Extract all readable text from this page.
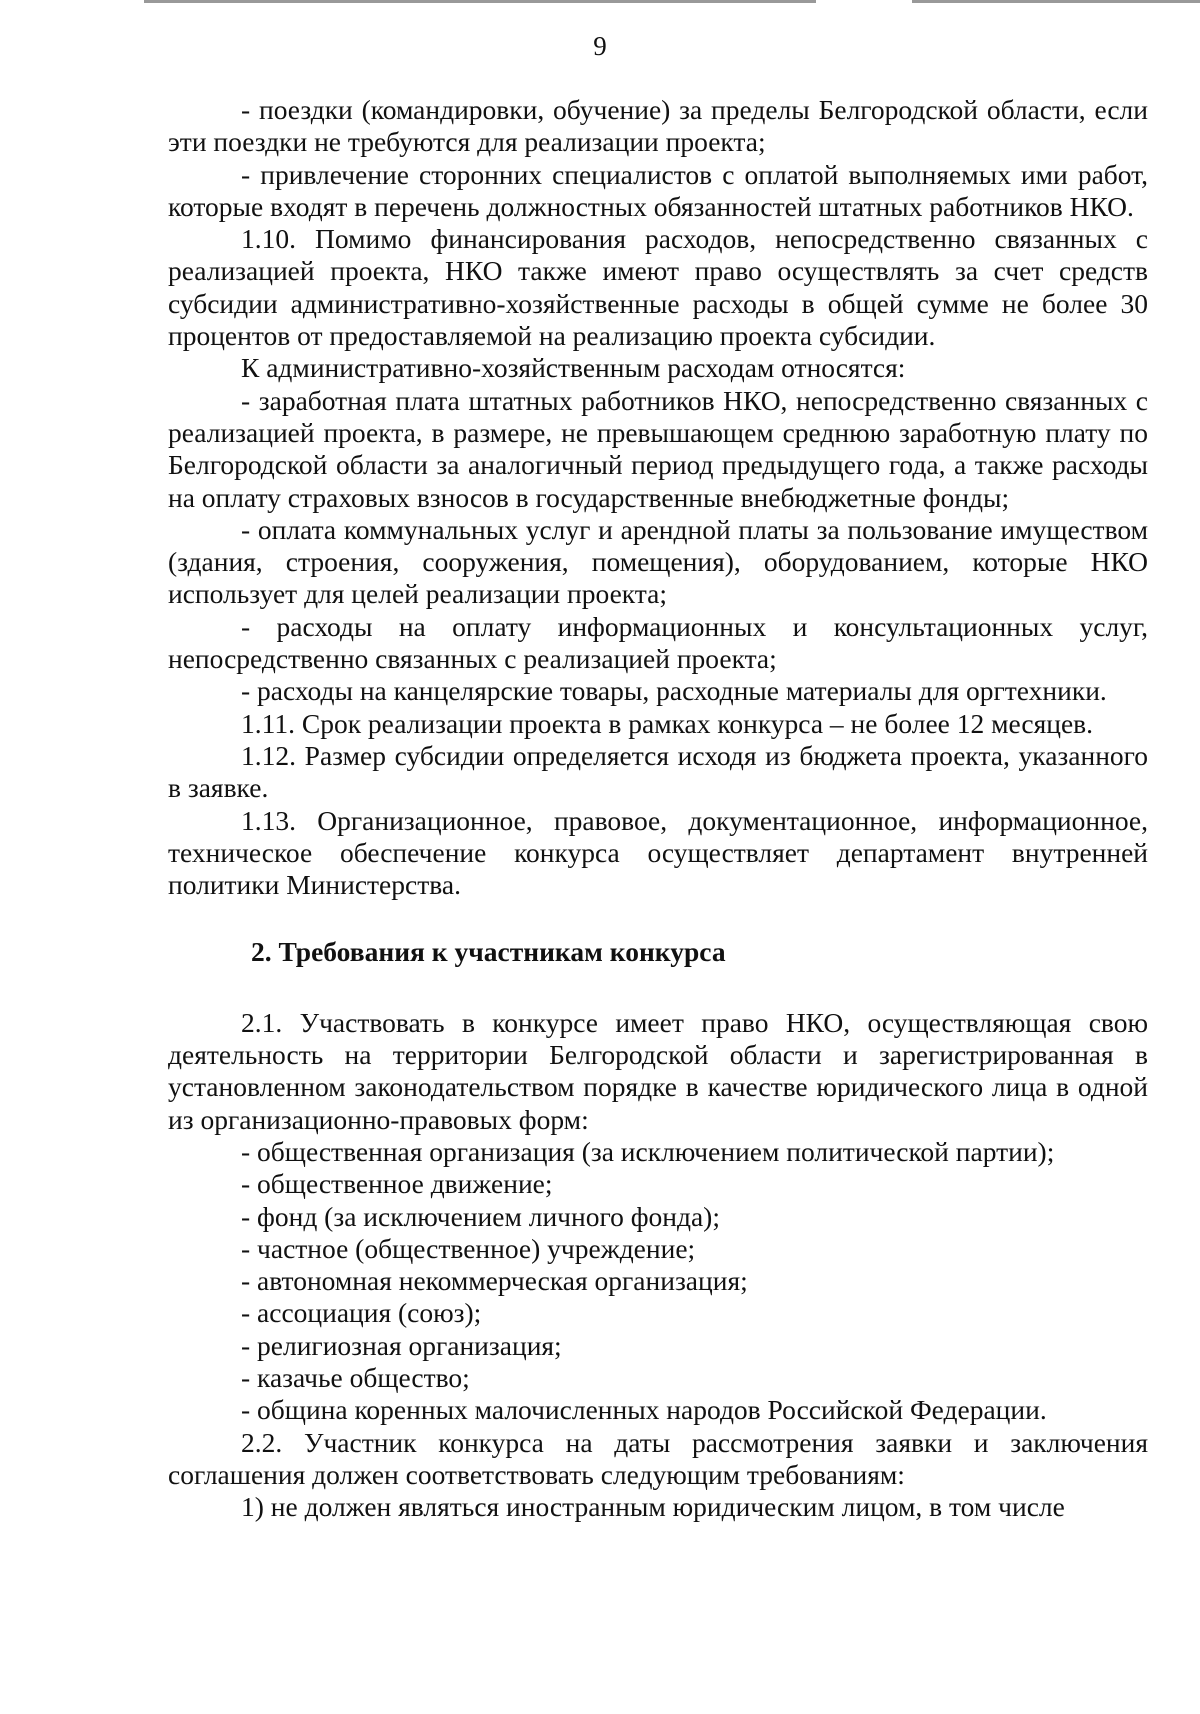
9

- поездки (командировки, обучение) за пределы Белгородской области, если эти поездки не требуются для реализации проекта;

- привлечение сторонних специалистов с оплатой выполняемых ими работ, которые входят в перечень должностных обязанностей штатных работников НКО.

1.10. Помимо финансирования расходов, непосредственно связанных с реализацией проекта, НКО также имеют право осуществлять за счет средств субсидии административно-хозяйственные расходы в общей сумме не более 30 процентов от предоставляемой на реализацию проекта субсидии.

К административно-хозяйственным расходам относятся:

- заработная плата штатных работников НКО, непосредственно связанных с реализацией проекта, в размере, не превышающем среднюю заработную плату по Белгородской области за аналогичный период предыдущего года, а также расходы на оплату страховых взносов в государственные внебюджетные фонды;

- оплата коммунальных услуг и арендной платы за пользование имуществом (здания, строения, сооружения, помещения), оборудованием, которые НКО использует для целей реализации проекта;

- расходы на оплату информационных и консультационных услуг, непосредственно связанных с реализацией проекта;

- расходы на канцелярские товары, расходные материалы для оргтехники.

1.11. Срок реализации проекта в рамках конкурса – не более 12 месяцев.

1.12. Размер субсидии определяется исходя из бюджета проекта, указанного в заявке.

1.13. Организационное, правовое, документационное, информационное, техническое обеспечение конкурса осуществляет департамент внутренней политики Министерства.

2. Требования к участникам конкурса

2.1. Участвовать в конкурсе имеет право НКО, осуществляющая свою деятельность на территории Белгородской области и зарегистрированная в установленном законодательством порядке в качестве юридического лица в одной из организационно-правовых форм:

- общественная организация (за исключением политической партии);

- общественное движение;

- фонд (за исключением личного фонда);

- частное (общественное) учреждение;

- автономная некоммерческая организация;

- ассоциация (союз);

- религиозная организация;

- казачье общество;

- община коренных малочисленных народов Российской Федерации.

2.2. Участник конкурса на даты рассмотрения заявки и заключения соглашения должен соответствовать следующим требованиям:

1) не должен являться иностранным юридическим лицом, в том числе
